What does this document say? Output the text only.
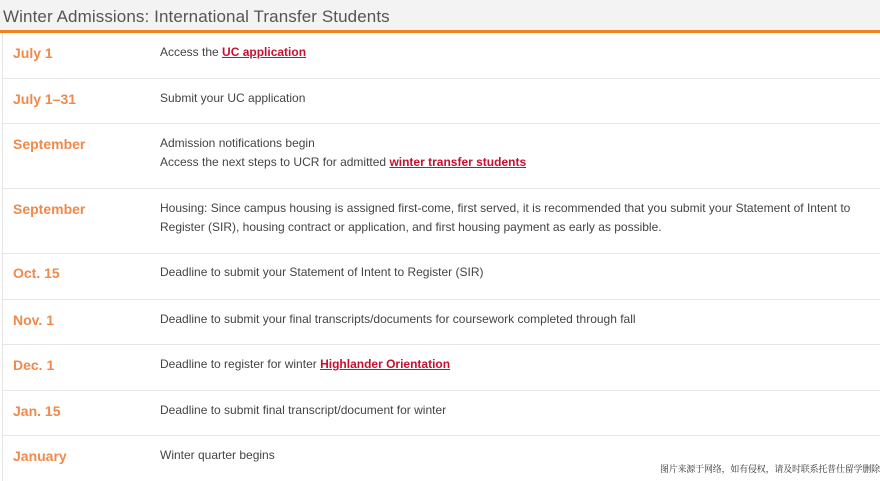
Winter Admissions: International Transfer Students
July 1	Access the UC application
July 1–31	Submit your UC application
September	Admission notifications begin
Access the next steps to UCR for admitted winter transfer students
September	Housing: Since campus housing is assigned first-come, first served, it is recommended that you submit your Statement of Intent to Register (SIR), housing contract or application, and first housing payment as early as possible.
Oct. 15	Deadline to submit your Statement of Intent to Register (SIR)
Nov. 1	Deadline to submit your final transcripts/documents for coursework completed through fall
Dec. 1	Deadline to register for winter Highlander Orientation
Jan. 15	Deadline to submit final transcript/document for winter
January	Winter quarter begins
图片来源于网络，如有侵权，请及时联系托普仕留学删除
